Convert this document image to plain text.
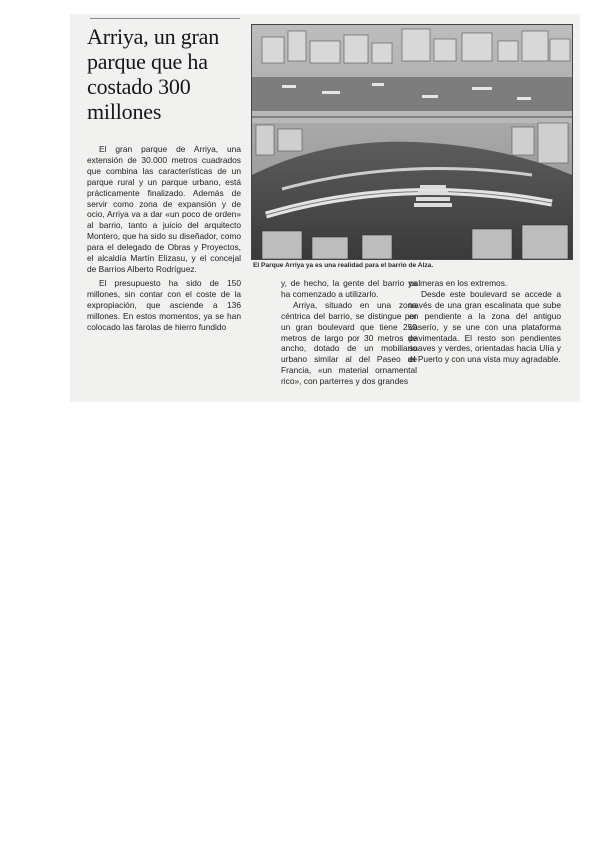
Arriya, un gran parque que ha costado 300 millones

El gran parque de Arriya, una extensión de 30.000 metros cuadrados que combina las características de un parque rural y un parque urbano, está prácticamente finalizado. Además de servir como zona de expansión y de ocio, Arriya va a dar «un poco de orden» al barrio, tanto a juicio del arquitecto Montero, que ha sido su diseñador, como para el delegado de Obras y Proyectos, el alcaldía Martín Elizasu, y el concejal de Barrios Alberto Rodríguez.

El presupuesto ha sido de 150 millones, sin contar con el coste de la expropiación, que asciende a 136 millones. En estos momentos, ya se han colocado las farolas de hierro fundido

El Parque Arriya ya es una realidad para el barrio de Alza.

y, de hecho, la gente del barrio ya ha comenzado a utilizarlo.

Arriya, situado en una zona céntrica del barrio, se distingue por un gran boulevard que tiene 250 metros de largo por 30 metros de ancho, dotado de un mobiliario urbano similar al del Paseo de Francia, «un material ornamental rico», con parterres y dos grandes

palmeras en los extremos.

Desde este boulevard se accede a través de una gran escalinata que sube en pendiente a la zona del antiguo caserío, y se une con una plataforma pavimentada. El resto son pendientes suaves y verdes, orientadas hacia Ulía y el Puerto y con una vista muy agradable.
